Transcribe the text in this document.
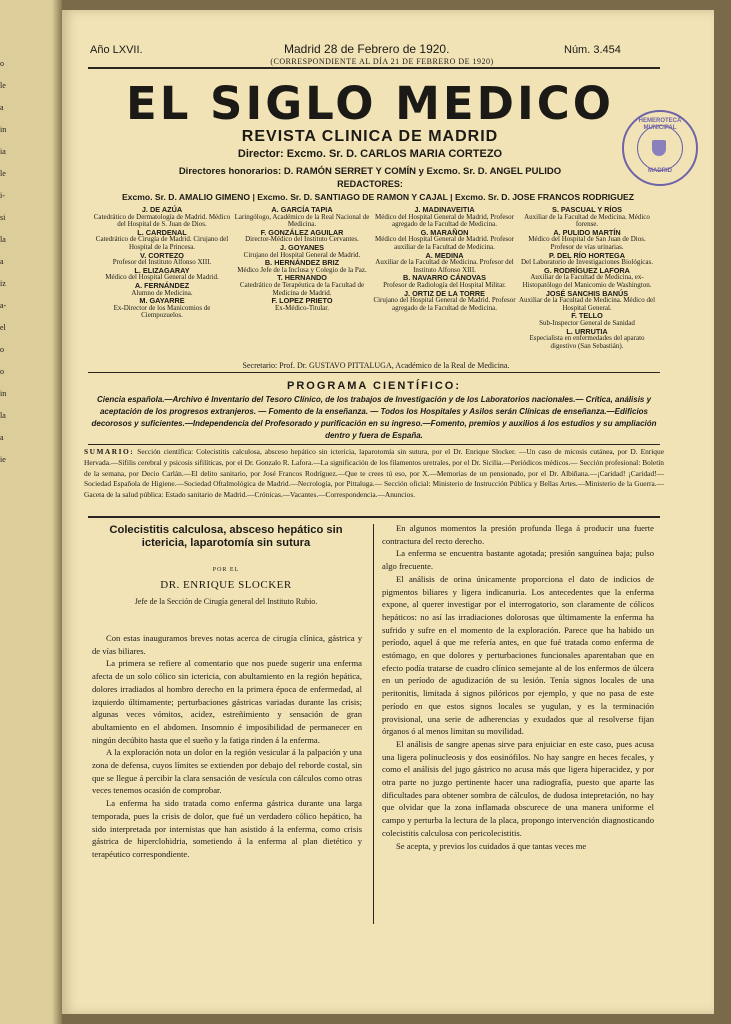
o
le
a
in
ia
le
i-
si
la
a
iz
a-
el
o
o
in
la
a
ie
Año LXVII.	Madrid 28 de Febrero de 1920.	Núm. 3.454
(CORRESPONDIENTE AL DÍA 21 DE FEBRERO DE 1920)
EL SIGLO MEDICO
REVISTA CLINICA DE MADRID
Director: Excmo. Sr. D. CARLOS MARIA CORTEZO
Directores honorarios: D. RAMÓN SERRET Y COMÍN y Excmo. Sr. D. ANGEL PULIDO
REDACTORES:
HEMEROTECA MUNICIPAL
MADRID
Excmo. Sr. D. AMALIO GIMENO | Excmo. Sr. D. SANTIAGO DE RAMON Y CAJAL | Excmo. Sr. D. JOSE FRANCOS RODRIGUEZ
J. DE AZÚA
Catedrático de Dermatología de Madrid. Médico del Hospital de S. Juan de Dios.
L. CARDENAL
Catedrático de Cirugía de Madrid. Cirujano del Hospital de la Princesa.
V. CORTEZO
Profesor del Instituto Alfonso XIII.
L. ELIZAGARAY
Médico del Hospital General de Madrid.
A. FERNÁNDEZ
Alumno de Medicina.
M. GAYARRE
Ex-Director de los Manicomios de Ciempozuelos.
A. GARCÍA TAPIA
Laringólogo, Académico de la Real Nacional de Medicina.
F. GONZÁLEZ AGUILAR
Director-Médico del Instituto Cervantes.
J. GOYANES
Cirujano del Hospital General de Madrid.
B. HERNÁNDEZ BRIZ
Médico Jefe de la Inclusa y Colegio de la Paz.
T. HERNANDO
Catedrático de Terapéutica de la Facultad de Medicina de Madrid.
F. LOPEZ PRIETO
Ex-Médico-Titular.
J. MADINAVEITIA
Médico del Hospital General de Madrid, Profesor agregado de la Facultad de Medicina.
G. MARAÑON
Médico del Hospital General de Madrid. Profesor auxiliar de la Facultad de Medicina.
A. MEDINA
Auxiliar de la Facultad de Medicina. Profesor del Instituto Alfonso XIII.
B. NAVARRO CÁNOVAS
Profesor de Radiología del Hospital Militar.
J. ORTIZ DE LA TORRE
Cirujano del Hospital General de Madrid. Profesor agregado de la Facultad de Medicina.
S. PASCUAL Y RÍOS
Auxiliar de la Facultad de Medicina. Médico forense.
A. PULIDO MARTÍN
Médico del Hospital de San Juan de Dios. Profesor de vías urinarias.
P. DEL RÍO HORTEGA
Del Laboratorio de Investigaciones Biológicas.
G. RODRÍGUEZ LAFORA
Auxiliar de la Facultad de Medicina, ex-Histopatólogo del Manicomio de Washington.
JOSÉ SANCHIS BANÚS
Auxiliar de la Facultad de Medicina. Médico del Hospital General.
F. TELLO
Sub-Inspector General de Sanidad
L. URRUTIA
Especialista en enfermedades del aparato digestivo (San Sebastián).
Secretario: Prof. Dr. GUSTAVO PITTALUGA, Académico de la Real de Medicina.
PROGRAMA CIENTÍFICO:
Ciencia española.—Archivo é Inventario del Tesoro Clínico, de los trabajos de Investigación y de los Laboratorios nacionales.— Crítica, análisis y aceptación de los progresos extranjeros. — Fomento de la enseñanza. — Todos los Hospitales y Asilos serán Clínicas de enseñanza.—Edificios decorosos y suficientes.—Independencia del Profesorado y purificación en su ingreso.—Fomento, premios y auxilios á los estudios y su ampliación dentro y fuera de España.
SUMARIO: Sección científica: Colecistitis calculosa, absceso hepático sin ictericia, laparotomía sin sutura, por el Dr. Enrique Slocker. —Un caso de micosis cutánea, por D. Enrique Hervada.—Sífilis cerebral y psicosis sifilíticas, por el Dr. Gonzalo R. Lafora.—La significación de los filamentos uretrales, por el Dr. Sicilia.—Periódicos médicos.— Sección profesional: Boletín de la semana, por Decio Carlán.—El delito sanitario, por José Francos Rodríguez.—Que te crees tú eso, por X.—Memorias de un pensionado, por el Dr. Albiñana.—¡Caridad! ¡Caridad!—Sociedad Española de Higiene.—Sociedad Oftalmológica de Madrid.—Necrología, por Pittaluga.— Sección oficial: Ministerio de Instrucción Pública y Bellas Artes.—Ministerio de la Guerra.—Gaceta de la salud pública: Estado sanitario de Madrid.—Crónicas.—Vacantes.—Correspondencia.—Anuncios.
Colecistitis calculosa, absceso hepático sin ictericia, laparotomía sin sutura
POR EL
DR. ENRIQUE SLOCKER
Jefe de la Sección de Cirugía general del Instituto Rubio.

Con estas inauguramos breves notas acerca de cirugía clínica, gástrica y de vías biliares.

La primera se refiere al comentario que nos puede sugerir una enferma afecta de un solo cólico sin ictericia, con abultamiento en la región hepática, dolores irradiados al hombro derecho en la primera época de enfermedad, al izquierdo últimamente; perturbaciones gástricas variadas durante las crisis; algunas veces vómitos, acidez, estreñimiento y sensación de gran abultamiento en el abdomen. Insomnio é imposibilidad de permanecer en ningún decúbito hasta que el sueño y la fatiga rinden á la enferma.

A la exploración nota un dolor en la región vesicular á la palpación y una zona de defensa, cuyos límites se extienden por debajo del reborde costal, sin que se llegue á percibir la clara sensación de vesícula con cálculos como otras veces tenemos ocasión de comprobar.

La enferma ha sido tratada como enferma gástrica durante una larga temporada, pues la crisis de dolor, que fué un verdadero cólico hepático, ha sido interpretada por internistas que han asistido á la enferma, como crisis gástrica de hiperclohidria, sometiendo á la enferma al plan dietético y terapéutico correspondiente.

En algunos momentos la presión profunda llega á producir una fuerte contractura del recto derecho.

La enferma se encuentra bastante agotada; presión sanguínea baja; pulso algo frecuente.

El análisis de orina únicamente proporciona el dato de indicios de pigmentos biliares y ligera indicanuria. Los antecedentes que la enferma expone, al querer investigar por el interrogatorio, son claramente de cólicos hepáticos: no así las irradiaciones dolorosas que últimamente la enferma ha sufrido y sufre en el momento de la exploración. Parece que ha habido un período, aquel á que me refería antes, en que fué tratada como enferma de estómago, en que dolores y perturbaciones funcionales aparentaban que en efecto podía tratarse de cuadro clínico semejante al de los enfermos de úlcera en un período de agudización de su lesión. Tenía signos locales de una peritonitis, limitada á signos pilóricos por ejemplo, y que no pasa de este período en que estos signos locales se yugulan, y es la terminación provisional, una serie de adherencias y exudados que al resolverse fijan órganos ó al menos limitan su movilidad.

El análisis de sangre apenas sirve para enjuiciar en este caso, pues acusa una ligera polinucleosis y dos eosinófilos. No hay sangre en heces fecales, y como el análisis del jugo gástrico no acusa más que ligera hiperacidez, y por otra parte no juzgo pertinente hacer una radiografía, puesto que aparte las dificultades para obtener sombra de cálculos, de dudosa intepretación, no hay que olvidar que la zona inflamada obscurece de una manera uniforme el campo y perturba la lectura de la placa, propongo intervención diagnosticando colecistitis calculosa con pericolecistitis.

Se acepta, y previos los cuidados á que tantas veces me
